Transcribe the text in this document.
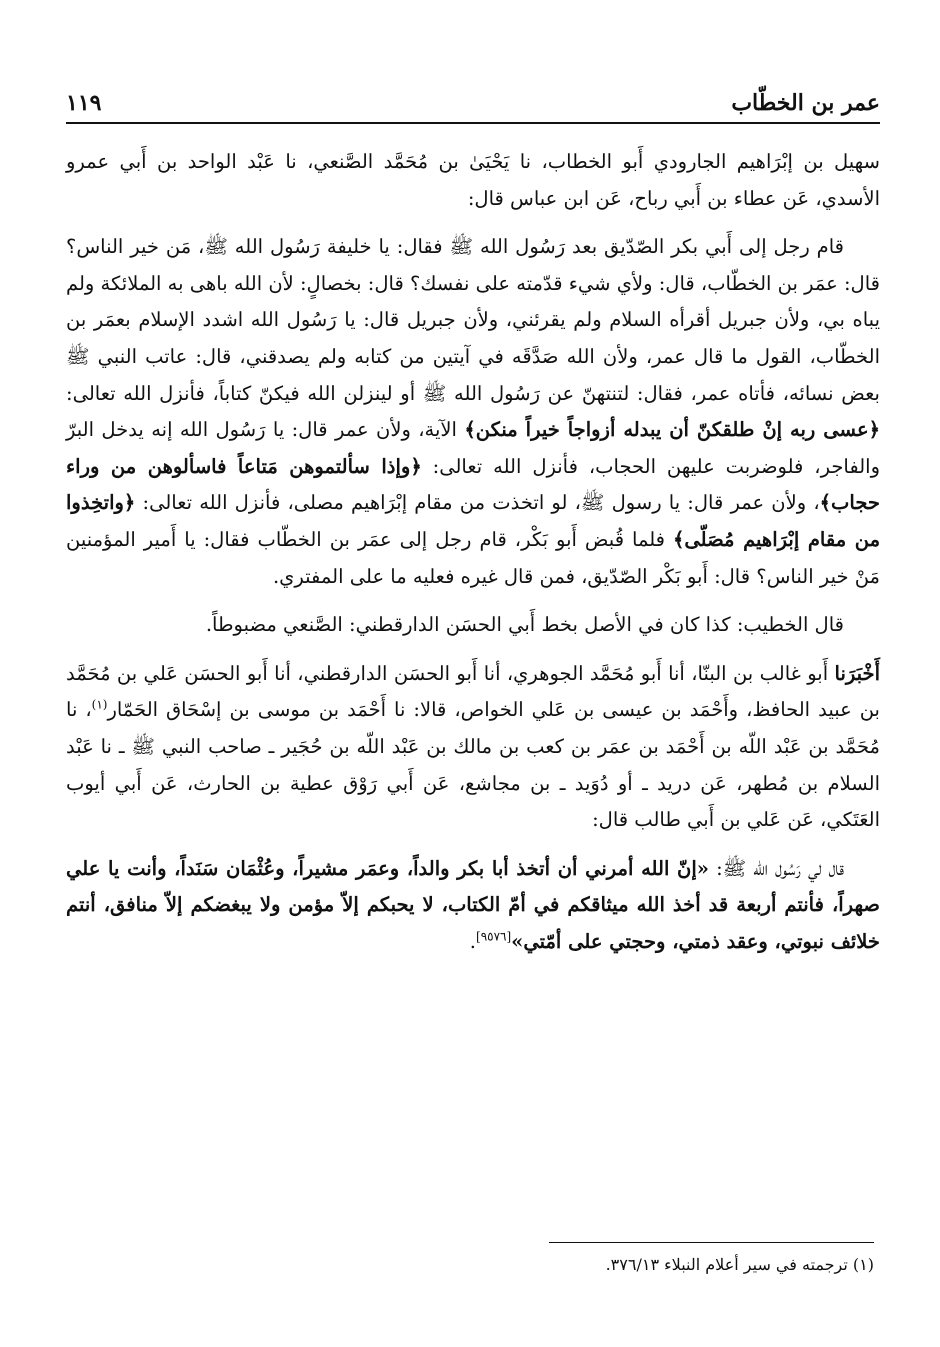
عمر بن الخطّاب
١١٩

سهيل بن إبْرَاهيم الجارودي أَبو الخطاب، نا يَحْيَىٰ بن مُحَمَّد الصَّنعي، نا عَبْد الواحد بن أَبي عمرو الأسدي، عَن عطاء بن أَبي رباح، عَن ابن عباس قال:

قام رجل إلى أَبي بكر الصّدّيق بعد رَسُول الله ﷺ فقال: يا خليفة رَسُول الله ﷺ، مَن خير الناس؟ قال: عمَر بن الخطّاب، قال: ولأي شيء قدّمته على نفسك؟ قال: بخصالٍ: لأن الله باهى به الملائكة ولم يباه بي، ولأن جبريل أقرأه السلام ولم يقرئني، ولأن جبريل قال: يا رَسُول الله اشدد الإسلام بعمَر بن الخطّاب، القول ما قال عمر، ولأن الله صَدَّقَه في آيتين من كتابه ولم يصدقني، قال: عاتب النبي ﷺ بعض نسائه، فأتاه عمر، فقال: لتنتهنّ عن رَسُول الله ﷺ أو لينزلن الله فيكنّ كتاباً، فأنزل الله تعالى: ﴿عسى ربه إنْ طلقكنّ أن يبدله أزواجاً خيراً منكن﴾ الآية، ولأن عمر قال: يا رَسُول الله إنه يدخل البرّ والفاجر، فلوضربت عليهن الحجاب، فأنزل الله تعالى: ﴿وإذا سألتموهن مَتاعاً فاسألوهن من وراء حجاب﴾، ولأن عمر قال: يا رسول ﷺ، لو اتخذت من مقام إبْرَاهيم مصلى، فأنزل الله تعالى: ﴿واتخِذوا من مقام إبْرَاهيم مُصَلّى﴾ فلما قُبض أَبو بَكْر، قام رجل إلى عمَر بن الخطّاب فقال: يا أَمير المؤمنين مَنْ خير الناس؟ قال: أَبو بَكْر الصّدّيق، فمن قال غيره فعليه ما على المفتري.

قال الخطيب: كذا كان في الأصل بخط أَبي الحسَن الدارقطني: الصَّنعي مضبوطاً.

أَخْبَرَنا أَبو غالب بن البنّا، أنا أَبو مُحَمَّد الجوهري، أنا أَبو الحسَن الدارقطني، أنا أَبو الحسَن عَلي بن مُحَمَّد بن عبيد الحافظ، وأَحْمَد بن عيسى بن عَلي الخواص، قالا: نا أَحْمَد بن موسى بن إسْحَاق الحَمّار$^{(١)}$، نا مُحَمَّد بن عَبْد اللّه بن أَحْمَد بن عمَر بن كعب بن مالك بن عَبْد اللّه بن حُجَير ـ صاحب النبي ﷺ ـ نا عَبْد السلام بن مُطهر، عَن دريد ـ أو دُوَيد ـ بن مجاشع، عَن أَبي رَوْق عطية بن الحارث، عَن أَبي أيوب العَتَكي، عَن عَلي بن أَبي طالب قال:

قال لي رَسُول الله ﷺ: «إنّ الله أمرني أن أتخذ أبا بكر والداً، وعمَر مشيراً، وعُثْمَان سَنَداً، وأنت يا علي صهراً، فأنتم أربعة قد أخذ الله ميثاقكم في أمّ الكتاب، لا يحبكم إلاّ مؤمن ولا يبغضكم إلاّ منافق، أنتم خلائف نبوتي، وعقد ذمتي، وحجتي على أمّتي»[٩٥٧٦].

(١) ترجمته في سير أعلام النبلاء ٣٧٦/١٣.
